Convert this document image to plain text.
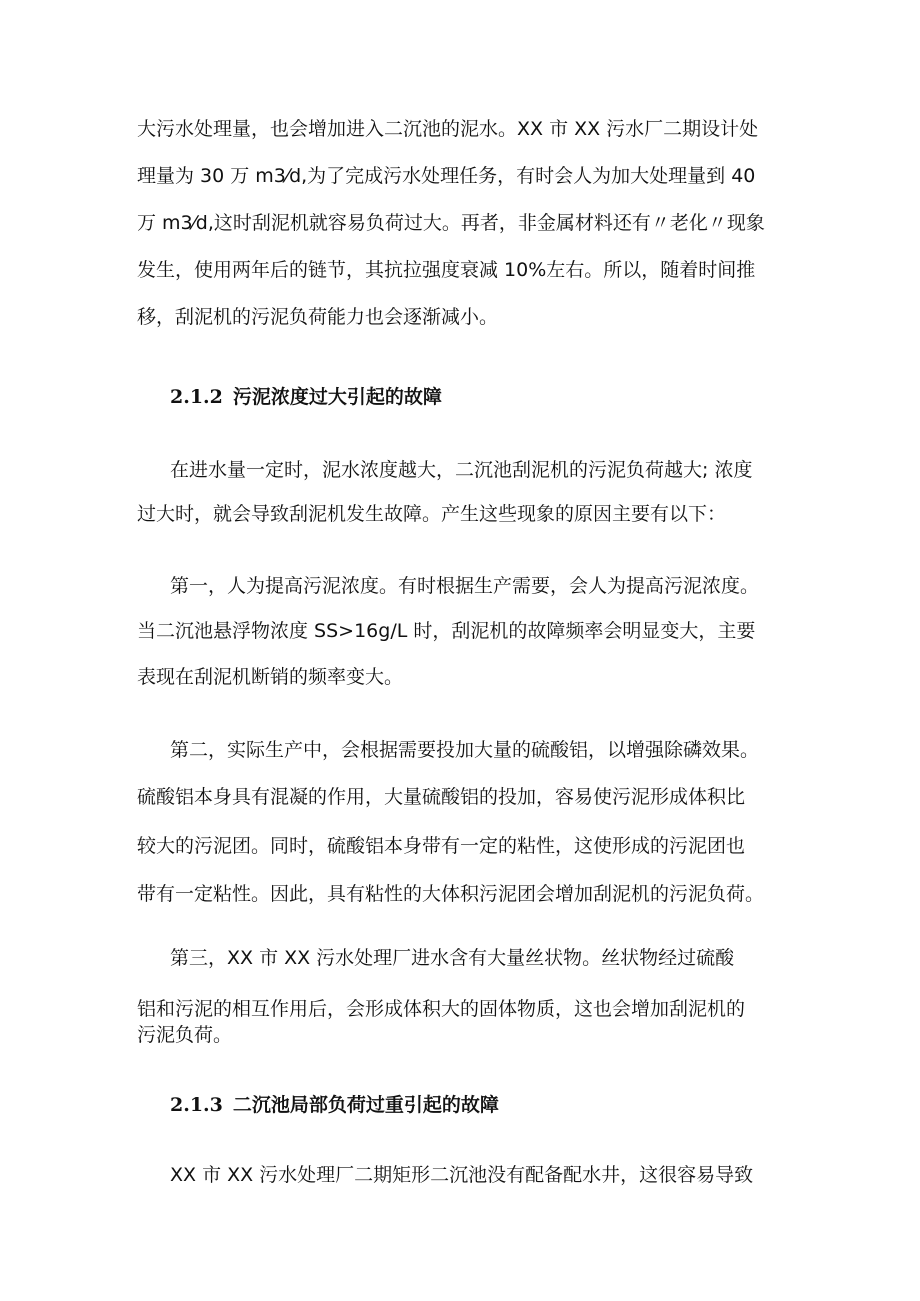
大污水处理量，也会增加进入二沉池的泥水。XX 市 XX 污水厂二期设计处
理量为 30 万 m3⁄d,为了完成污水处理任务，有时会人为加大处理量到 40
万 m3⁄d,这时刮泥机就容易负荷过大。再者，非金属材料还有〃老化〃现象
发生，使用两年后的链节，其抗拉强度衰减 10%左右。所以，随着时间推
移，刮泥机的污泥负荷能力也会逐渐减小。
2.1.2 污泥浓度过大引起的故障
在进水量一定时，泥水浓度越大，二沉池刮泥机的污泥负荷越大; 浓度
过大时，就会导致刮泥机发生故障。产生这些现象的原因主要有以下：
第一，人为提高污泥浓度。有时根据生产需要，会人为提高污泥浓度。
当二沉池悬浮物浓度 SS>16g/L 时，刮泥机的故障频率会明显变大，主要
表现在刮泥机断销的频率变大。
第二，实际生产中，会根据需要投加大量的硫酸铝，以增强除磷效果。
硫酸铝本身具有混凝的作用，大量硫酸铝的投加，容易使污泥形成体积比
较大的污泥团。同时，硫酸铝本身带有一定的粘性，这使形成的污泥团也
带有一定粘性。因此，具有粘性的大体积污泥团会增加刮泥机的污泥负荷。
第三，XX 市 XX 污水处理厂进水含有大量丝状物。丝状物经过硫酸
铝和污泥的相互作用后，会形成体积大的固体物质，这也会增加刮泥机的
污泥负荷。
2.1.3 二沉池局部负荷过重引起的故障
XX 市 XX 污水处理厂二期矩形二沉池没有配备配水井，这很容易导致
